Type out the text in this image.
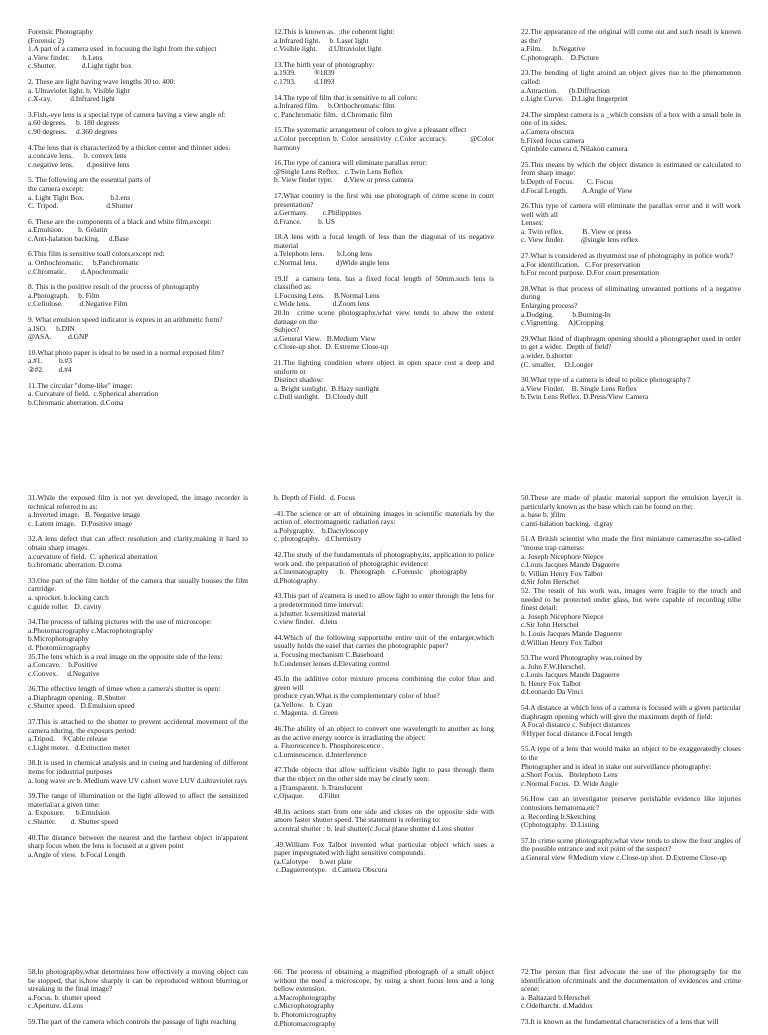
Forensic Photography
(Forensic 2)
1.A part of a camera used  in focusing the light from the subject
a.View finder.       b.Lens
c.Shutter.              d.Light tight box

2. These are light having wave lengths 30 to. 400:
a. Ultraviolet light. b. Visible light
c.X-ray.          d.Infrared light

3.Fish,-eye lens is a special type of camera having a view angle of:
a.60 degrees.     b. 180 degrees
c.90 degrees.     d.360 degrees

4.The lens that is characterized by a thicker center and thinner sides:
a.concave lens.      b. convex lens
c.negative lens.       d.positive lens

5. The following are the essential parts of
the camera except:
a. Light Tight Box.              b.Lens
C. Tripod.                          d.Shutter

6. These are the components of a black and white film,except:
a.Emulsion.        b. Gelatin
c.Anti-halation backing.     d.Base

6.This film is sensitive toall colors,except red:
a. Orthochromatic.     b.Panchromatic
c.Chromatic.        d.Apochromatic

8. This is the positive result of the process of photography
a.Photograph.     b. Film
c.Cellulose.         d.Negative Film

9. What emulsion speed indicator is expres in an arithmetic form?
a.ISO.     b.DIN
@ASA.         d.GNP

10.What photo paper is ideal to be used in a normal exposed film?
a.#1.         b.#3
②#2.        d.#4

11.The circular "dome-like" image:
a. Curvature of field.  c.Spherical aberration
b.Chromatic aberration. d.Coma

12.This is known as.  ;the coherent light:
a.Infrared light.     b. Laser light
c.Visible light.      d.Ultraviolet light

13.The birth year of photography:
a.1939.          ®1839
c.1793.          d.1893

14.The type of film that is sensitive to all colors:
a.Infrared film.     b.Orthochromatic film
c. Panchromatic film.  d.Chromatic film

15.The systematic arrangement of colors to give a pleasant effect
a.Color perception b. Color sensitivity c.Color accuracy.        @Color harmony

16.The type of camera will eliminate parallax error:
@Single Lens Reflex.   c.Twin Lens Reflex
b. View finder type.      d.View or press camera

17.What country is the first whi use photograph of crime scene in court presentation?
a.Germany.        c.Philippines
d.France.         b. US

18.A lens with a focal length of less than the diagonal of its negative material
a.Telephoto lens.       b.Long lens
c.Normal lens.          d)Wide angle lens

19.If  a camera lens. has a fixed focal length of 50mm.such lens is classified as:
1.Focusing Lens.     B.Normal Lens
c.Wide lens.            d.Zoom lens
20.In  crime scene photography,what view tends to ahow the extent damage on the
Subject?
a.General View.   B.Medium View
c.Close-up shot.  D. Extreme Close-up

21.The lighting condition where object in open space cost a deep and uniform or
Distinct shadow:
a. Bright sunlight.  B.Hazy sunlight
c.Dull sunlight.   D.Cloudy dull

22.The appearance of the original will come out and such result is known as the?
a.Film.      b.Negative
C.photograph.    D.Picture

23.The bending of light aroind an object gives rise to the phenomenon called:
a.Attraction.      (b.Diffraction
c.Light Curve.    D.Light fingerprint

24.The simplest camera is a _which consists of a box with a small hole in one of its sides.
a.Camera obscura
b.Fixed focus camera
Cpinhole camera d. Nilakon camera

25.This means by which the object distance is estimated or calculated to from sharp image:
b.Depth of Focus.       C. Focus
d.Focal Length.        A.Angle of View

26.This type of camera will eliminate the parallax error and it will work well with all
Lenses:
a. Twin reflex.          B. View or press
c. View finder.         @single lens reflex

27.What is considered as thyutmost use of photography in police work?
a.For identification.   C.For preservation
b.For record purpose. D.For court presentation

28.What is that process of eliminating unwanted portions of a negative during
Enlarging process?
a.Dodging.          b.Burning-In
c.Vignetting.     A)Cropping

29.What lkind of diaphragm opening should a photographer used in order to get a wider.  Depth of field?
a.wider. b.shorter
(C. smaller.     D.Longer

30.What type of a camera is ideal to police photography?
a.View Finder.    B. Single Lens Reflex
b.Twin Lens Reflex. D.Press/View Camera

31.While the exposed film is not yet developed, the image recorder is technical referred to as:
a.Inverted image.   B. Negative image
c. Latent image.   D.Positive image

32.A lens defect that can affect resolution and clarity,making it hard to obtain sharp images.
a.curvature of field.  C. spherical aberration
b.chromatic aberration. D.coma

33.One part of the film holder of the camera that usually houses the film cartridge.
a. sprocket. b.locking catch
c.guide roller.   D. cavity

34.The process of talking pictures with the use of microscope:
a.Photomacrography c.Macrophotography
b.Microphotography
d. Photomicrography
35.The lens which is a real image on the opposite side of the lens:
a.Concave.    b.Positive
c.Convex.     d.Negative

36.The effective length of timee when a camera's shutter is open:
a.Diaphragm opening.  B.Shutter
c.Shutter speed.   D.Emulsion speed

37.This is attached to the shutter to prevent accidental movement of the camera tduring. the exposurs period:
a.Tripod.    ®Cable release
c.Light meter.   d.Extinction meter

38.It is used in chemical analysis and in curing and hardening of different items for industrial purposes
a. long wave uv b. Medium wave UV c.short wave LUV d.ultraviolet rays

39.The range of illumination or the light allowed to affect the sensitized material:at a given time:
a. Exposure.      b.Emulsion
c.Shutter.        d. Shutter speed

40.The distance between the nearest and the farthest object in'apparent sharp focus when the lens is focused at a given point
a.Angle of view.  b.Focal Length

b. Depth of Field.  d. Focus

-41.The science or art of obtaining images in scientific materials by the action of. electromagnetic radiation rays:
a.Polygraphy.    b.Dactyloscopy
c. photography.   d.Chemistry

42.The study of the fundamentals of photography,its, application to police work and. the preparation of photographic evidence:
a.Cinematography      b.   Photograph    c.Forensic    photography
d.Photography

43.This part of a'camera is used to allow light to enter through the lens for a predetermined time interval:
a.)shutter. b.sensitized material
c.view finder.   d.lens

44.Which of the following supportsthe entire unit of the enlarger,which usually holds the easel that carries the photographic paper?
a. Focusing mechanism C.Baseboard
b.Condenser lenses d.Elevating control

45.In the additive color mixture process combining the color blue and green will
produce cyan.What is the complementary color of blue?
(a.Yellow.   b. Cyan
c. Magenta.  d. Green

46.The ability of an object to convert one wavelength to another as long as the active energy source is irradiating the object:
a. Fluorescence b. Phosphorescence .
c.Luminescence. d.Interference

47.Thde objects that allow sufficient visible light to pass through them that the object on the other side may be clearly seen:
a.)Transparent.  b.Translucent
c,Opaque.        d.Filter

48.Its actions start from one side and closes on the opposite side with amore faster shutter speed. The statement is referring to:
a.central shutter : b. leaf shutter(c.Jocal plane shutter d.Lens shutter

.49.William Fox Talbot invented what particular object which uses a paper impregnated with light sensitive compounds.
(a.Calotype      b.wet plate
c.Daguerreotype.   d.Camera Obscura

50.These are made of plastic material support the emulsion layer,it is particularly known as the base which can be found on the;
a. base b. )film
c.anti-halation backing.  d.gray

51.A British scientist who made the first miniature cameras,the so-called "mouse trap cameras:
a. Joseph Nicephore Niepce
c.Louis Jacques Mande Daguerre
b. Villian Henry Fox Talbot
d.Sir John Herschel
52. The result of his work was, images were fragile to the touch and needed to be protected under glass, but were capable of recording tilhe finest detail:
a. Joseph Nicephore Niepce
c.Sir John Herschel
b. Louis Jacques Mande Daguerre
d.Willian Henry Fox Talbot

53.The word Photography was.coined by
a. John F.W.Herschel.
c.Louis Jacques Mande Daguerre
b. Henry Fox Talbot
d.Leonardo Da Vinci

54.A distance at which lens of a camera is focused with a given particular diaphragm opening which will give the maximum depth of field:
A Focal distance c. Subject distances
®Hyper focal distance d.Focal length

55.A type of a lens that would make an object to be exaggeratedly closes to the
Photographer and is ideal in stake out surveillance photography:
a.Short Focus.   Btelephoto Lens
c.Normal Focus.  D. Wide Angle

56.How can an investigator preserve perishable evidence like injuries contusions hematoma,etc?
a. Recording b.Sketching
(Cphotography.  D.Listing

57.In crime scene photography,what view tends to show the four angles of the possible entrance and exit point of the suspect?
a.General view ®Medium view c.Close-up shot. D.Extreme Close-up

58.In photography,what determines how effectively a moving object can be stopped, that is,how sharply it can be reproduced without blurring,or streaking in the final image?
a.Focus. b. shutter speed
c.Aperture. d.Lens

59.The part of the camera which controls the passage of light reaching

66. The process of obtaining a magnified photograph of a small object without the usesf a microscope, by using a short focus lens and a long bellow extension.
a.Macrophotography
c.Microphotography
b. Photomicrography
d.Photomacrography

72.The person that first advocate the use of the photography for the identification ofcriminals and the documentation of evidences and crime scene:
a. Baltazard b.Herschel
c.Odelbarcht. d.Maddox

73.It is known as the fundamental characteristics of a lens that will
